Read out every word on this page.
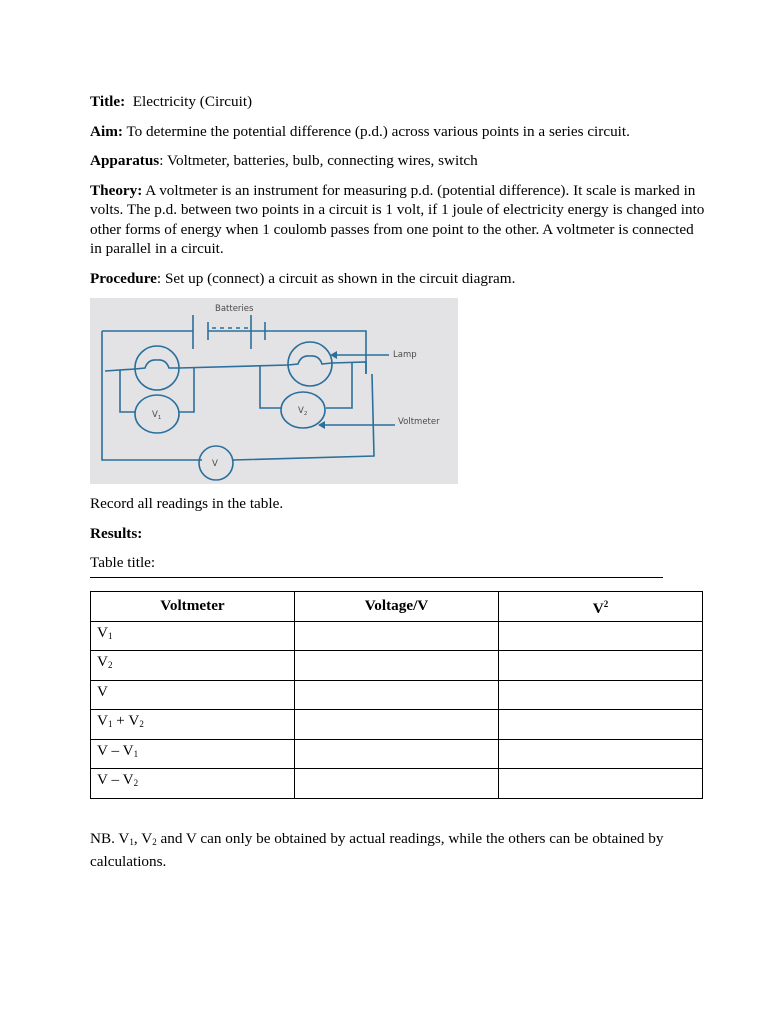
Title: Electricity (Circuit)

Aim: To determine the potential difference (p.d.) across various points in a series circuit.

Apparatus: Voltmeter, batteries, bulb, connecting wires, switch

Theory: A voltmeter is an instrument for measuring p.d. (potential difference). It scale is marked in volts. The p.d. between two points in a circuit is 1 volt, if 1 joule of electricity energy is changed into other forms of energy when 1 coulomb passes from one point to the other. A voltmeter is connected in parallel in a circuit.

Procedure: Set up (connect) a circuit as shown in the circuit diagram.

Batteries
Lamp
Voltmeter
$V_1$
$V_2$
V

Record all readings in the table.

Results:

Table title:

Voltmeter	Voltage/V	$V^2$
$V_1$		
$V_2$		
V		
$V_1 + V_2$		
V – $V_1$		
V – $V_2$		

NB. $V_1$, $V_2$ and V can only be obtained by actual readings, while the others can be obtained by calculations.
